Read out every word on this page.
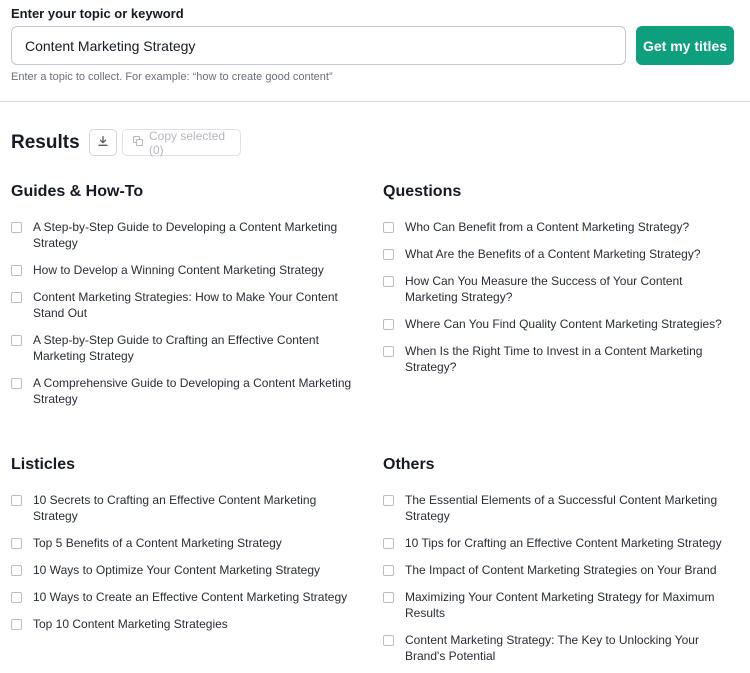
Enter your topic or keyword
Content Marketing Strategy
Get my titles
Enter a topic to collect. For example: “how to create good content”
Results	Copy selected (0)
Guides & How-To
A Step-by-Step Guide to Developing a Content Marketing Strategy
How to Develop a Winning Content Marketing Strategy
Content Marketing Strategies: How to Make Your Content Stand Out
A Step-by-Step Guide to Crafting an Effective Content Marketing Strategy
A Comprehensive Guide to Developing a Content Marketing Strategy
Questions
Who Can Benefit from a Content Marketing Strategy?
What Are the Benefits of a Content Marketing Strategy?
How Can You Measure the Success of Your Content Marketing Strategy?
Where Can You Find Quality Content Marketing Strategies?
When Is the Right Time to Invest in a Content Marketing Strategy?
Listicles
10 Secrets to Crafting an Effective Content Marketing Strategy
Top 5 Benefits of a Content Marketing Strategy
10 Ways to Optimize Your Content Marketing Strategy
10 Ways to Create an Effective Content Marketing Strategy
Top 10 Content Marketing Strategies
Others
The Essential Elements of a Successful Content Marketing Strategy
10 Tips for Crafting an Effective Content Marketing Strategy
The Impact of Content Marketing Strategies on Your Brand
Maximizing Your Content Marketing Strategy for Maximum Results
Content Marketing Strategy: The Key to Unlocking Your Brand's Potential
